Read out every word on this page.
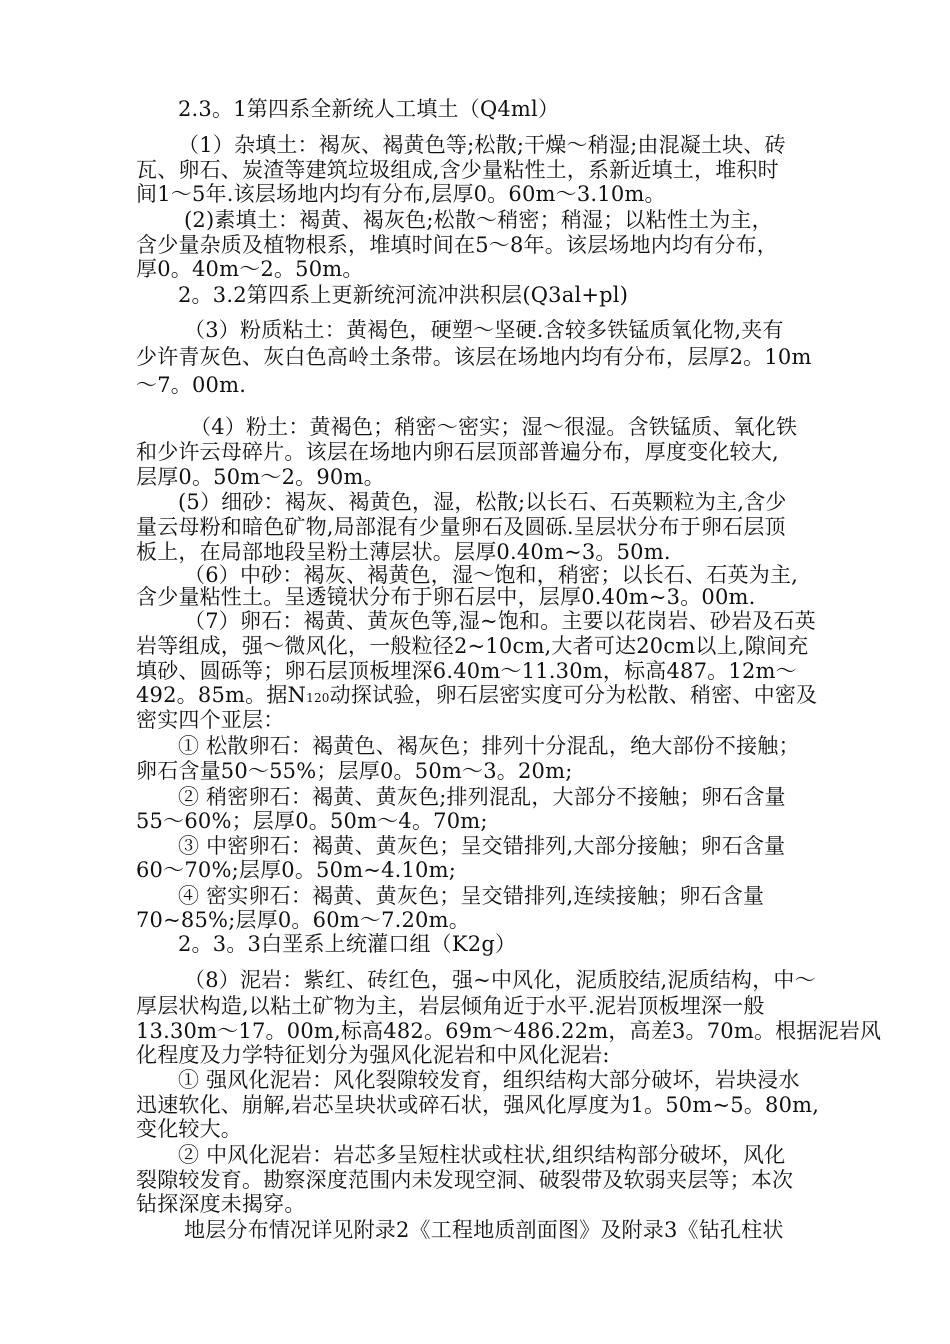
2.3。1第四系全新统人工填土（Q4ml）
（1）杂填土：褐灰、褐黄色等;松散;干燥～稍湿;由混凝土块、砖
瓦、卵石、炭渣等建筑垃圾组成,含少量粘性土，系新近填土，堆积时
间1～5年.该层场地内均有分布,层厚0。60m～3.10m。
(2)素填土：褐黄、褐灰色;松散～稍密；稍湿；以粘性土为主，
含少量杂质及植物根系，堆填时间在5～8年。该层场地内均有分布，
厚0。40m～2。50m。
2。3.2第四系上更新统河流冲洪积层(Q3al+pl)
（3）粉质粘土：黄褐色，硬塑～坚硬.含较多铁锰质氧化物,夹有
少许青灰色、灰白色高岭土条带。该层在场地内均有分布，层厚2。10m
～7。00m.
（4）粉土：黄褐色；稍密～密实；湿～很湿。含铁锰质、氧化铁
和少许云母碎片。该层在场地内卵石层顶部普遍分布，厚度变化较大,
层厚0。50m～2。90m。
(5）细砂：褐灰、褐黄色，湿，松散;以长石、石英颗粒为主,含少
量云母粉和暗色矿物,局部混有少量卵石及圆砾.呈层状分布于卵石层顶
板上，在局部地段呈粉土薄层状。层厚0.40m~3。50m.
（6）中砂：褐灰、褐黄色，湿～饱和，稍密；以长石、石英为主,
含少量粘性土。呈透镜状分布于卵石层中，层厚0.40m~3。00m.
（7）卵石：褐黄、黄灰色等,湿~饱和。主要以花岗岩、砂岩及石英
岩等组成，强～微风化，一般粒径2~10cm,大者可达20cm以上,隙间充
填砂、圆砾等；卵石层顶板埋深6.40m～11.30m，标高487。12m～
492。85m。据N120动探试验，卵石层密实度可分为松散、稍密、中密及
密实四个亚层：
① 松散卵石：褐黄色、褐灰色；排列十分混乱，绝大部份不接触；
卵石含量50～55%；层厚0。50m～3。20m;
② 稍密卵石：褐黄、黄灰色;排列混乱，大部分不接触；卵石含量
55～60%；层厚0。50m～4。70m;
③ 中密卵石：褐黄、黄灰色；呈交错排列,大部分接触；卵石含量
60～70%;层厚0。50m~4.10m;
④ 密实卵石：褐黄、黄灰色；呈交错排列,连续接触；卵石含量
70~85%;层厚0。60m～7.20m。
2。3。3白垩系上统灌口组（K2g）
（8）泥岩：紫红、砖红色，强~中风化，泥质胶结,泥质结构，中～
厚层状构造,以粘土矿物为主，岩层倾角近于水平.泥岩顶板埋深一般
13.30m～17。00m,标高482。69m～486.22m，高差3。70m。根据泥岩风
化程度及力学特征划分为强风化泥岩和中风化泥岩:
① 强风化泥岩：风化裂隙较发育，组织结构大部分破坏，岩块浸水
迅速软化、崩解,岩芯呈块状或碎石状，强风化厚度为1。50m~5。80m,
变化较大。
② 中风化泥岩：岩芯多呈短柱状或柱状,组织结构部分破坏，风化
裂隙较发育。勘察深度范围内未发现空洞、破裂带及软弱夹层等；本次
钻探深度未揭穿。
地层分布情况详见附录2《工程地质剖面图》及附录3《钻孔柱状
